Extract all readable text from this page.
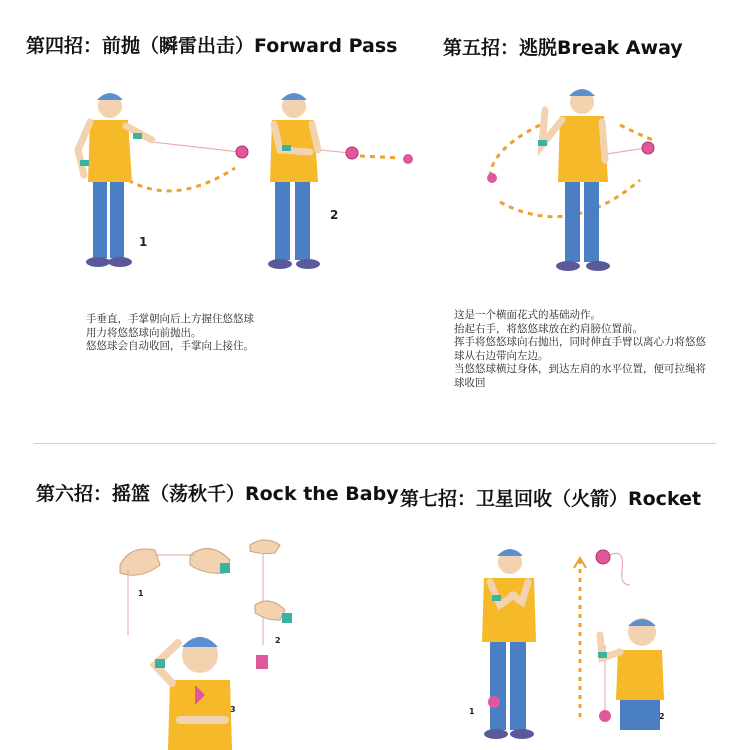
第四招：前抛（瞬雷出击）Forward Pass 第五招：逃脱Break Away
第六招：摇篮（荡秋千）Rock the Baby 第七招：卫星回收（火箭）Rocket
手垂直，手掌朝向后上方握住悠悠球
用力将悠悠球向前抛出。
悠悠球会自动收回，手掌向上接住。
这是一个横面花式的基础动作。
抬起右手，将悠悠球放在约肩膀位置前。
挥手将悠悠球向右抛出，同时伸直手臂以离心力将悠悠
球从右边带向左边。
当悠悠球横过身体，到达左肩的水平位置，便可拉绳将
球收回
1
2
1
2
3	1
2
